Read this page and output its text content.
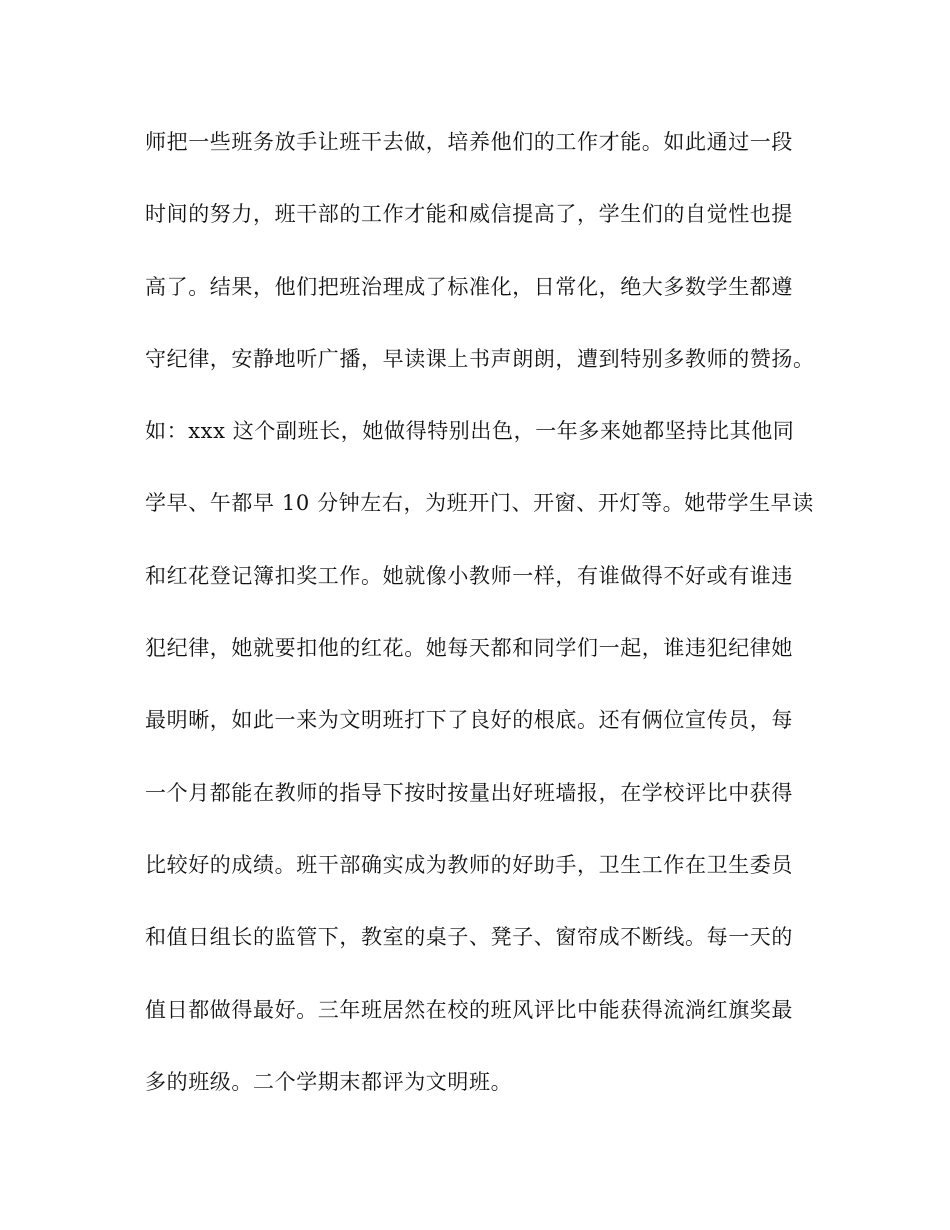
师把一些班务放手让班干去做，培养他们的工作才能。如此通过一段
时间的努力，班干部的工作才能和威信提高了，学生们的自觉性也提
高了。结果，他们把班治理成了标准化，日常化，绝大多数学生都遵
守纪律，安静地听广播，早读课上书声朗朗，遭到特别多教师的赞扬。
如：xxx 这个副班长，她做得特别出色，一年多来她都坚持比其他同
学早、午都早 10 分钟左右，为班开门、开窗、开灯等。她带学生早读
和红花登记簿扣奖工作。她就像小教师一样，有谁做得不好或有谁违
犯纪律，她就要扣他的红花。她每天都和同学们一起，谁违犯纪律她
最明晰，如此一来为文明班打下了良好的根底。还有俩位宣传员，每
一个月都能在教师的指导下按时按量出好班墙报，在学校评比中获得
比较好的成绩。班干部确实成为教师的好助手，卫生工作在卫生委员
和值日组长的监管下，教室的桌子、凳子、窗帘成不断线。每一天的
值日都做得最好。三年班居然在校的班风评比中能获得流淌红旗奖最
多的班级。二个学期末都评为文明班。
